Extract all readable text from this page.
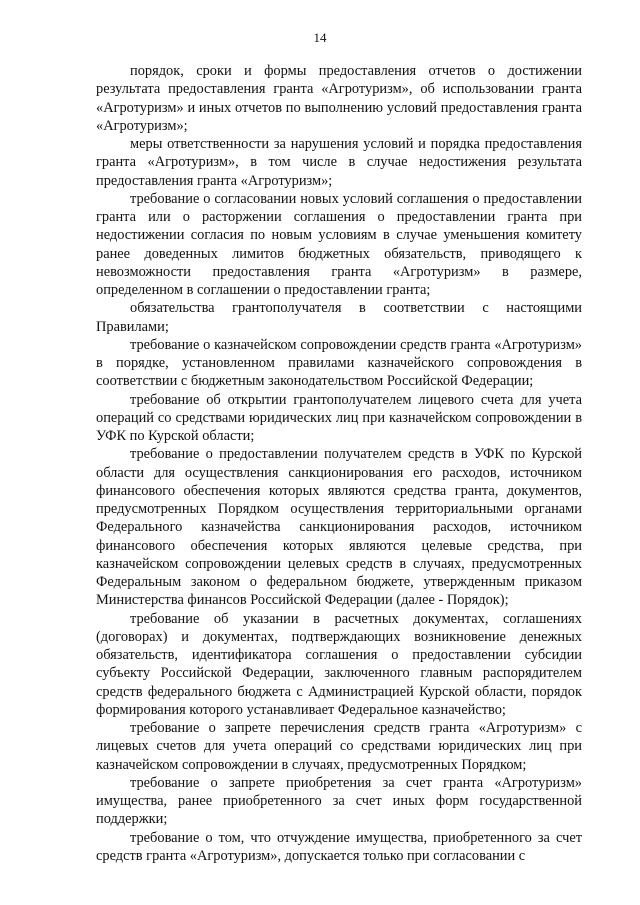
14

порядок, сроки и формы предоставления отчетов о достижении результата предоставления гранта «Агротуризм», об использовании гранта «Агротуризм» и иных отчетов по выполнению условий предоставления гранта «Агротуризм»;

меры ответственности за нарушения условий и порядка предоставления гранта «Агротуризм», в том числе в случае недостижения результата предоставления гранта «Агротуризм»;

требование о согласовании новых условий соглашения о предоставлении гранта или о расторжении соглашения о предоставлении гранта при недостижении согласия по новым условиям в случае уменьшения комитету ранее доведенных лимитов бюджетных обязательств, приводящего к невозможности предоставления гранта «Агротуризм» в размере, определенном в соглашении о предоставлении гранта;

обязательства грантополучателя в соответствии с настоящими Правилами;

требование о казначейском сопровождении средств гранта «Агротуризм» в порядке, установленном правилами казначейского сопровождения в соответствии с бюджетным законодательством Российской Федерации;

требование об открытии грантополучателем лицевого счета для учета операций со средствами юридических лиц при казначейском сопровождении в УФК по Курской области;

требование о предоставлении получателем средств в УФК по Курской области для осуществления санкционирования его расходов, источником финансового обеспечения которых являются средства гранта, документов, предусмотренных Порядком осуществления территориальными органами Федерального казначейства санкционирования расходов, источником финансового обеспечения которых являются целевые средства, при казначейском сопровождении целевых средств в случаях, предусмотренных Федеральным законом о федеральном бюджете, утвержденным приказом Министерства финансов Российской Федерации (далее - Порядок);

требование об указании в расчетных документах, соглашениях (договорах) и документах, подтверждающих возникновение денежных обязательств, идентификатора соглашения о предоставлении субсидии субъекту Российской Федерации, заключенного главным распорядителем средств федерального бюджета с Администрацией Курской области, порядок формирования которого устанавливает Федеральное казначейство;

требование о запрете перечисления средств гранта «Агротуризм» с лицевых счетов для учета операций со средствами юридических лиц при казначейском сопровождении в случаях, предусмотренных Порядком;

требование о запрете приобретения за счет гранта «Агротуризм» имущества, ранее приобретенного за счет иных форм государственной поддержки;

требование о том, что отчуждение имущества, приобретенного за счет средств гранта «Агротуризм», допускается только при согласовании с
